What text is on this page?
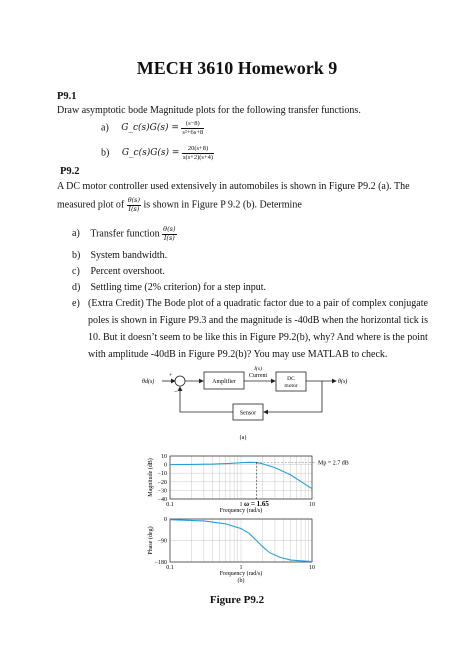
MECH 3610 Homework 9
P9.1
Draw asymptotic bode Magnitude plots for the following transfer functions.
a) G_c(s)G(s) = $\frac{(s-8)}{\text{s²+6s+8}}$
b) G_c(s)G(s) = $\frac{20(s+8)}{s(s+2)(s+4)}$
P9.2
A DC motor controller used extensively in automobiles is shown in Figure P9.2 (a). The
measured plot of $\frac{\theta(s)}{I(s)}$ is shown in Figure P 9.2 (b). Determine
a) Transfer function $\frac{\theta(s)}{I(s)}$
b) System bandwidth.
c) Percent overshoot.
d) Settling time (2% criterion) for a step input.
e) (Extra Credit) The Bode plot of a quadratic factor due to a pair of complex conjugate
poles is shown in Figure P9.3 and the magnitude is -40dB when the horizontal tick is
10. But it doesn’t seem to be like this in Figure P9.2(b), why? And where is the point
with amplitude -40dB in Figure P9.2(b)? You may use MATLAB to check.
θd(s)
+
−
Amplifier
I(s)
Current	DC
motor
θ(s)
Sensor
(a)
10
0
−10
−20
−30
−40
0.1	1	10
Frequency (rad/s)
Magnitude (dB)	Mp = 2.7 dB
ω = 1.65
0
−90
−180
0.1	1	10
Frequency (rad/s)
Phase (deg)
(b)
Figure P9.2
